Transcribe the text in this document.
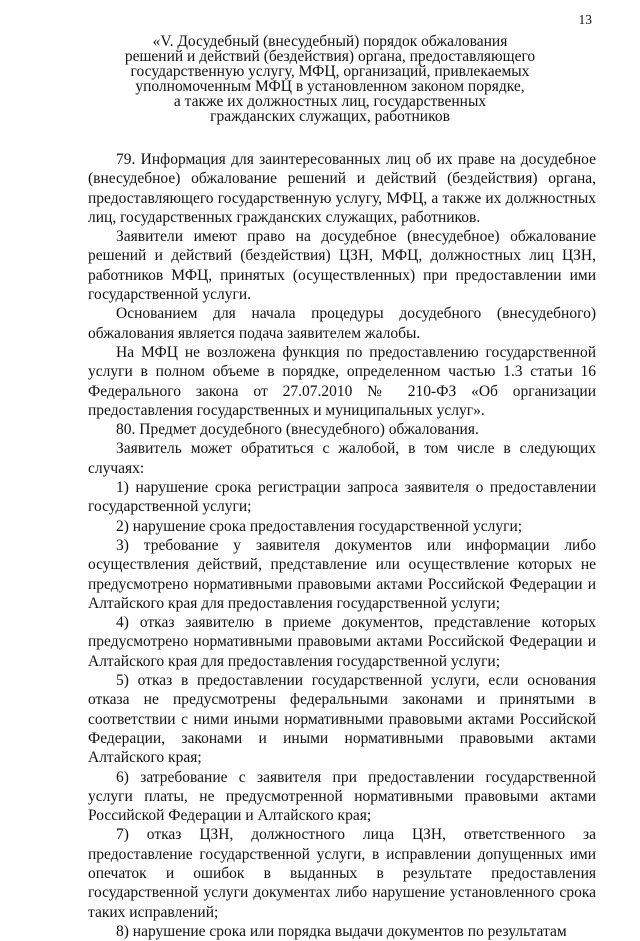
13
«V. Досудебный (внесудебный) порядок обжалования
решений и действий (бездействия) органа, предоставляющего
государственную услугу, МФЦ, организаций, привлекаемых
уполномоченным МФЦ в установленном законом порядке,
а также их должностных лиц, государственных
гражданских служащих, работников

79. Информация для заинтересованных лиц об их праве на досудебное (внесудебное) обжалование решений и действий (бездействия) органа, предоставляющего государственную услугу, МФЦ, а также их должностных лиц, государственных гражданских служащих, работников.

Заявители имеют право на досудебное (внесудебное) обжалование решений и действий (бездействия) ЦЗН, МФЦ, должностных лиц ЦЗН, работников МФЦ, принятых (осуществленных) при предоставлении ими государственной услуги.

Основанием для начала процедуры досудебного (внесудебного) обжалования является подача заявителем жалобы.

На МФЦ не возложена функция по предоставлению государственной услуги в полном объеме в порядке, определенном частью 1.3 статьи 16 Федерального закона от 27.07.2010 № 210-ФЗ «Об организации предоставления государственных и муниципальных услуг».

80. Предмет досудебного (внесудебного) обжалования.

Заявитель может обратиться с жалобой, в том числе в следующих случаях:

1) нарушение срока регистрации запроса заявителя о предоставлении государственной услуги;

2) нарушение срока предоставления государственной услуги;

3) требование у заявителя документов или информации либо осуществления действий, представление или осуществление которых не предусмотрено нормативными правовыми актами Российской Федерации и Алтайского края для предоставления государственной услуги;

4) отказ заявителю в приеме документов, представление которых предусмотрено нормативными правовыми актами Российской Федерации и Алтайского края для предоставления государственной услуги;

5) отказ в предоставлении государственной услуги, если основания отказа не предусмотрены федеральными законами и принятыми в соответствии с ними иными нормативными правовыми актами Российской Федерации, законами и иными нормативными правовыми актами Алтайского края;

6) затребование с заявителя при предоставлении государственной услуги платы, не предусмотренной нормативными правовыми актами Российской Федерации и Алтайского края;

7) отказ ЦЗН, должностного лица ЦЗН, ответственного за предоставление государственной услуги, в исправлении допущенных ими опечаток и ошибок в выданных в результате предоставления государственной услуги документах либо нарушение установленного срока таких исправлений;

8) нарушение срока или порядка выдачи документов по результатам
